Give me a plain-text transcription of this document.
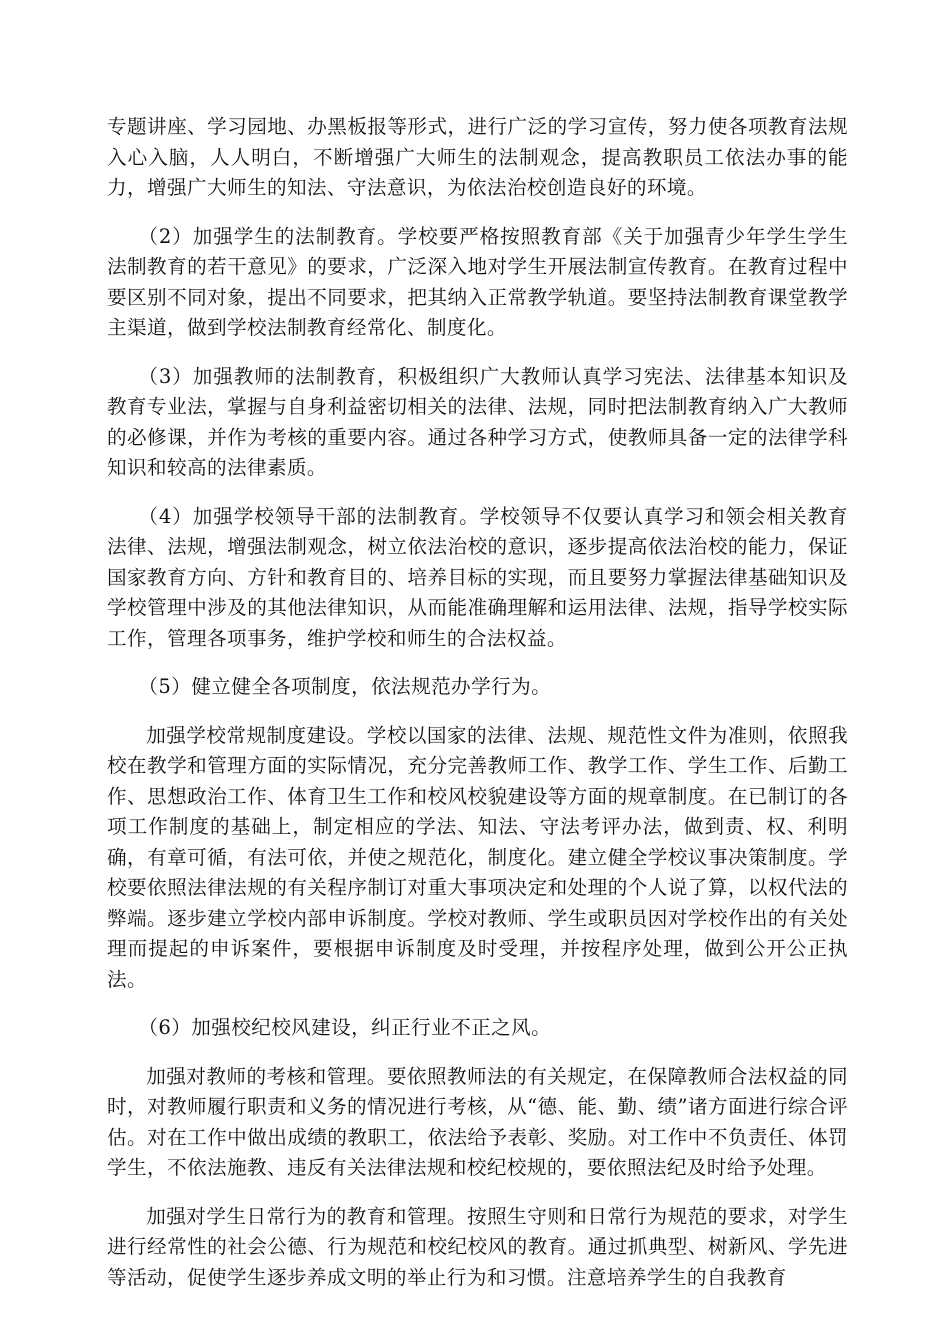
专题讲座、学习园地、办黑板报等形式，进行广泛的学习宣传，努力使各项教育法规入心入脑，人人明白，不断增强广大师生的法制观念，提高教职员工依法办事的能力，增强广大师生的知法、守法意识，为依法治校创造良好的环境。

（2）加强学生的法制教育。学校要严格按照教育部《关于加强青少年学生学生法制教育的若干意见》的要求，广泛深入地对学生开展法制宣传教育。在教育过程中要区别不同对象，提出不同要求，把其纳入正常教学轨道。要坚持法制教育课堂教学主渠道，做到学校法制教育经常化、制度化。

（3）加强教师的法制教育，积极组织广大教师认真学习宪法、法律基本知识及教育专业法，掌握与自身利益密切相关的法律、法规，同时把法制教育纳入广大教师的必修课，并作为考核的重要内容。通过各种学习方式，使教师具备一定的法律学科知识和较高的法律素质。

（4）加强学校领导干部的法制教育。学校领导不仅要认真学习和领会相关教育法律、法规，增强法制观念，树立依法治校的意识，逐步提高依法治校的能力，保证国家教育方向、方针和教育目的、培养目标的实现，而且要努力掌握法律基础知识及学校管理中涉及的其他法律知识，从而能准确理解和运用法律、法规，指导学校实际工作，管理各项事务，维护学校和师生的合法权益。

（5）健立健全各项制度，依法规范办学行为。

加强学校常规制度建设。学校以国家的法律、法规、规范性文件为准则，依照我校在教学和管理方面的实际情况，充分完善教师工作、教学工作、学生工作、后勤工作、思想政治工作、体育卫生工作和校风校貌建设等方面的规章制度。在已制订的各项工作制度的基础上，制定相应的学法、知法、守法考评办法，做到责、权、利明确，有章可循，有法可依，并使之规范化，制度化。建立健全学校议事决策制度。学校要依照法律法规的有关程序制订对重大事项决定和处理的个人说了算，以权代法的弊端。逐步建立学校内部申诉制度。学校对教师、学生或职员因对学校作出的有关处理而提起的申诉案件，要根据申诉制度及时受理，并按程序处理，做到公开公正执法。

（6）加强校纪校风建设，纠正行业不正之风。

加强对教师的考核和管理。要依照教师法的有关规定，在保障教师合法权益的同时，对教师履行职责和义务的情况进行考核，从“德、能、勤、绩”诸方面进行综合评估。对在工作中做出成绩的教职工，依法给予表彰、奖励。对工作中不负责任、体罚学生，不依法施教、违反有关法律法规和校纪校规的，要依照法纪及时给予处理。

加强对学生日常行为的教育和管理。按照生守则和日常行为规范的要求，对学生进行经常性的社会公德、行为规范和校纪校风的教育。通过抓典型、树新风、学先进等活动，促使学生逐步养成文明的举止行为和习惯。注意培养学生的自我教育
